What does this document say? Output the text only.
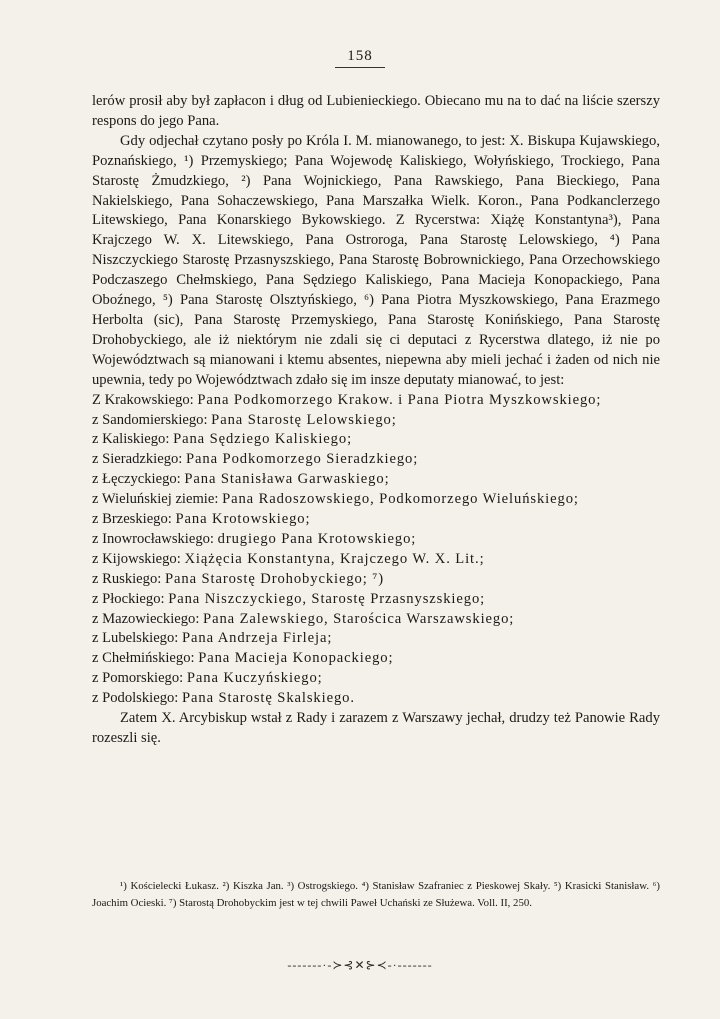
158

lerów prosił aby był zapłacon i dług od Lubienieckiego. Obiecano mu na to dać na liście szerszy respons do jego Pana.

Gdy odjechał czytano posły po Króla I. M. mianowanego, to jest: X. Biskupa Kujawskiego, Poznańskiego, ¹) Przemyskiego; Pana Wojewodę Kaliskiego, Wołyńskiego, Trockiego, Pana Starostę Żmudzkiego, ²) Pana Wojnickiego, Pana Rawskiego, Pana Bieckiego, Pana Nakielskiego, Pana Sohaczewskiego, Pana Marszałka Wielk. Koron., Pana Podkanclerzego Litewskiego, Pana Konarskiego Bykowskiego. Z Rycerstwa: Xiążę Konstantyna³), Pana Krajczego W. X. Litewskiego, Pana Ostroroga, Pana Starostę Lelowskiego, ⁴) Pana Niszczyckiego Starostę Przasnyszskiego, Pana Starostę Bobrownickiego, Pana Orzechowskiego Podczaszego Chełmskiego, Pana Sędziego Kaliskiego, Pana Macieja Konopackiego, Pana Oboźnego, ⁵) Pana Starostę Olsztyńskiego, ⁶) Pana Piotra Myszkowskiego, Pana Erazmego Herbolta (sic), Pana Starostę Przemyskiego, Pana Starostę Konińskiego, Pana Starostę Drohobyckiego, ale iż niektórym nie zdali się ci deputaci z Rycerstwa dlatego, iż nie po Województwach są mianowani i ktemu absentes, niepewna aby mieli jechać i żaden od nich nie upewnia, tedy po Województwach zdało się im insze deputaty mianować, to jest:

Z Krakowskiego: Pana Podkomorzego Krakow. i Pana Piotra Myszkowskiego;
z Sandomierskiego: Pana Starostę Lelowskiego;
z Kaliskiego: Pana Sędziego Kaliskiego;
z Sieradzkiego: Pana Podkomorzego Sieradzkiego;
z Łęczyckiego: Pana Stanisława Garwaskiego;
z Wieluńskiej ziemie: Pana Radoszowskiego, Podkomorzego Wieluńskiego;
z Brzeskiego: Pana Krotowskiego;
z Inowrocławskiego: drugiego Pana Krotowskiego;
z Kijowskiego: Xiążęcia Konstantyna, Krajczego W. X. Lit.;
z Ruskiego: Pana Starostę Drohobyckiego; ⁷)
z Płockiego: Pana Niszczyckiego, Starostę Przasnyszskiego;
z Mazowieckiego: Pana Zalewskiego, Starościca Warszawskiego;
z Lubelskiego: Pana Andrzeja Firleja;
z Chełmińskiego: Pana Macieja Konopackiego;
z Pomorskiego: Pana Kuczyńskiego;
z Podolskiego: Pana Starostę Skalskiego.

Zatem X. Arcybiskup wstał z Rady i zarazem z Warszawy jechał, drudzy też Panowie Rady rozeszli się.

¹) Kościelecki Łukasz. ²) Kiszka Jan. ³) Ostrogskiego. ⁴) Stanisław Szafraniec z Pieskowej Skały. ⁵) Krasicki Stanisław. ⁶) Joachim Ocieski. ⁷) Starostą Drohobyckim jest w tej chwili Paweł Uchański ze Służewa. Voll. II, 250.

-------·-≻⊰✕⊱≺-·-------
